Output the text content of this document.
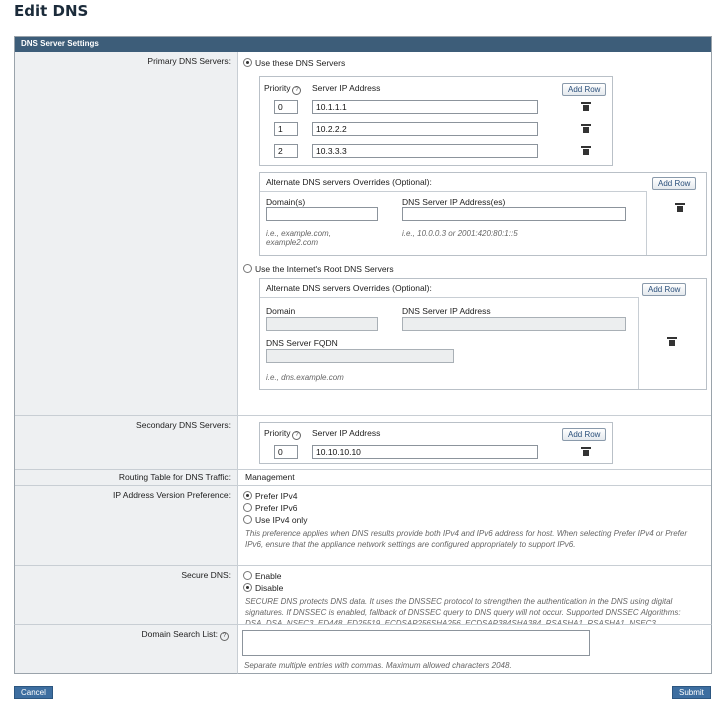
Edit DNS
DNS Server Settings
Primary DNS Servers:	Use these DNS Servers
Priority ?	Server IP Address	Add Row
0	10.1.1.1
1	10.2.2.2
2	10.3.3.3
Alternate DNS servers Overrides (Optional):	Add Row
Domain(s)	DNS Server IP Address(es)
i.e., example.com, example2.com
i.e., 10.0.0.3 or 2001:420:80:1::5
Use the Internet's Root DNS Servers
Alternate DNS servers Overrides (Optional):	Add Row
Domain	DNS Server IP Address
DNS Server FQDN
i.e., dns.example.com
Secondary DNS Servers:
Priority ?	Server IP Address	Add Row
0	10.10.10.10
Routing Table for DNS Traffic:	Management
IP Address Version Preference:	Prefer IPv4
Prefer IPv6
Use IPv4 only
This preference applies when DNS results provide both IPv4 and IPv6 address for host. When selecting Prefer IPv4 or Prefer IPv6, ensure that the appliance network settings are configured appropriately to support IPv6.
Secure DNS:	Enable
Disable
SECURE DNS protects DNS data. It uses the DNSSEC protocol to strengthen the authentication in the DNS using digital signatures. If DNSSEC is enabled, fallback of DNSSEC query to DNS query will not occur. Supported DNSSEC Algorithms:
Domain Search List: ?
Separate multiple entries with commas. Maximum allowed characters 2048.
Cancel	Submit
